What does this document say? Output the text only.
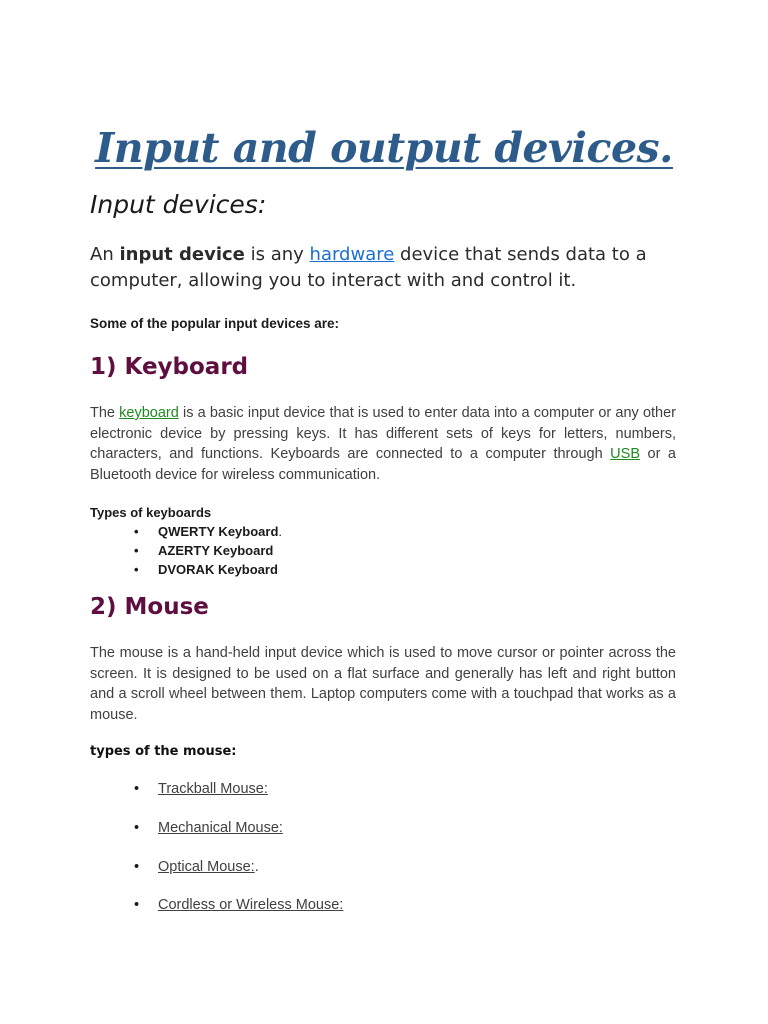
Input and output devices.
Input devices:
An input device is any hardware device that sends data to a computer, allowing you to interact with and control it.
Some of the popular input devices are:
1) Keyboard
The keyboard is a basic input device that is used to enter data into a computer or any other electronic device by pressing keys. It has different sets of keys for letters, numbers, characters, and functions. Keyboards are connected to a computer through USB or a Bluetooth device for wireless communication.
Types of keyboards
• QWERTY Keyboard.
• AZERTY Keyboard
• DVORAK Keyboard
2) Mouse
The mouse is a hand-held input device which is used to move cursor or pointer across the screen. It is designed to be used on a flat surface and generally has left and right button and a scroll wheel between them. Laptop computers come with a touchpad that works as a mouse.
types of the mouse:
• Trackball Mouse:
• Mechanical Mouse:
• Optical Mouse:.
• Cordless or Wireless Mouse:
